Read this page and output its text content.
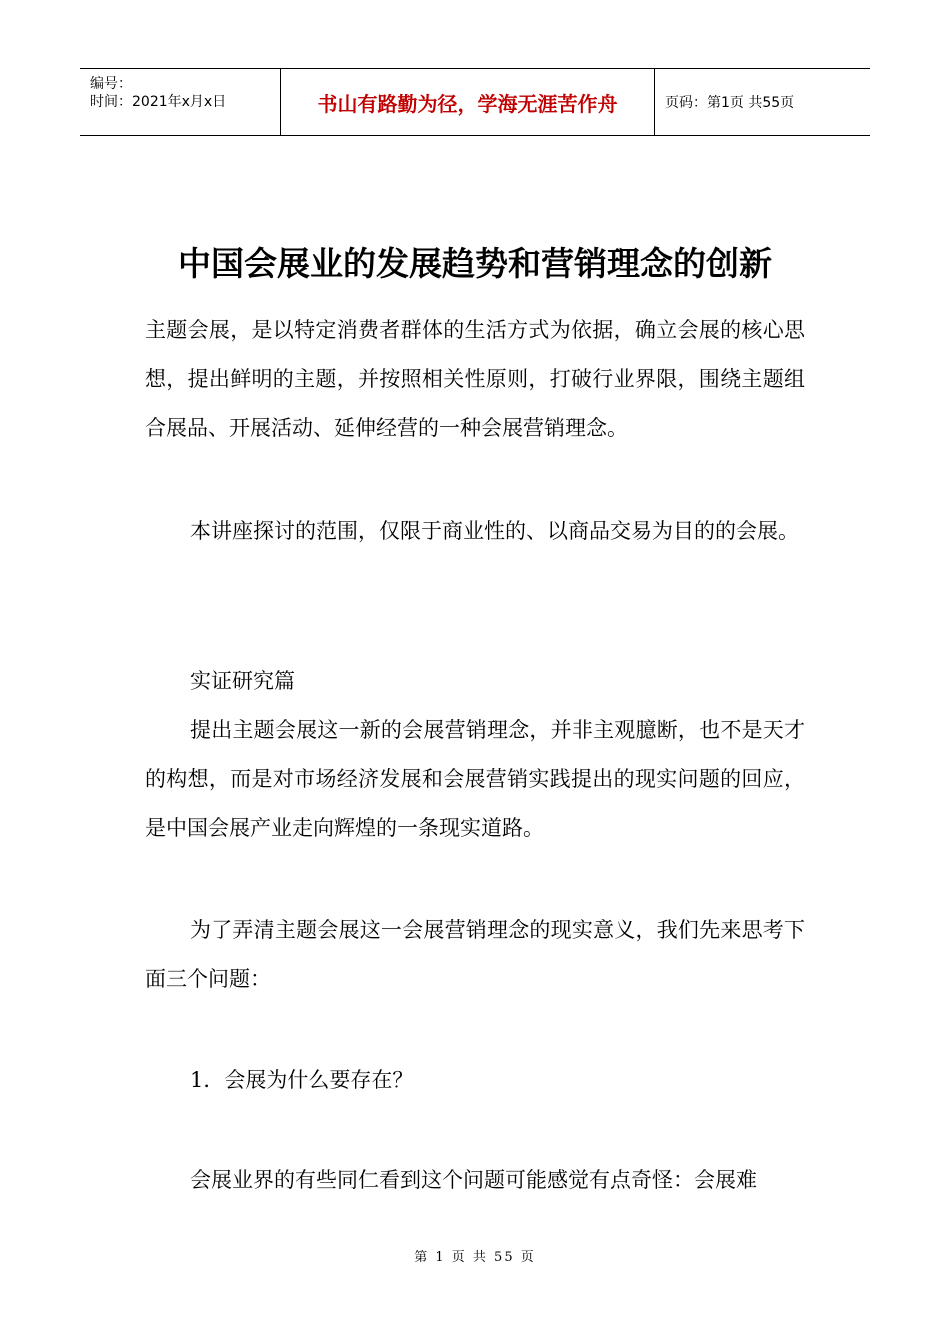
编号：
时间：2021年x月x日	书山有路勤为径，学海无涯苦作舟	页码：第1页 共55页
中国会展业的发展趋势和营销理念的创新

主题会展，是以特定消费者群体的生活方式为依据，确立会展的核心思想，提出鲜明的主题，并按照相关性原则，打破行业界限，围绕主题组合展品、开展活动、延伸经营的一种会展营销理念。

本讲座探讨的范围，仅限于商业性的、以商品交易为目的的会展。

实证研究篇

提出主题会展这一新的会展营销理念，并非主观臆断，也不是天才的构想，而是对市场经济发展和会展营销实践提出的现实问题的回应，是中国会展产业走向辉煌的一条现实道路。

为了弄清主题会展这一会展营销理念的现实意义，我们先来思考下面三个问题：

1．会展为什么要存在？

会展业界的有些同仁看到这个问题可能感觉有点奇怪：会展难

第 1 页 共 55 页
